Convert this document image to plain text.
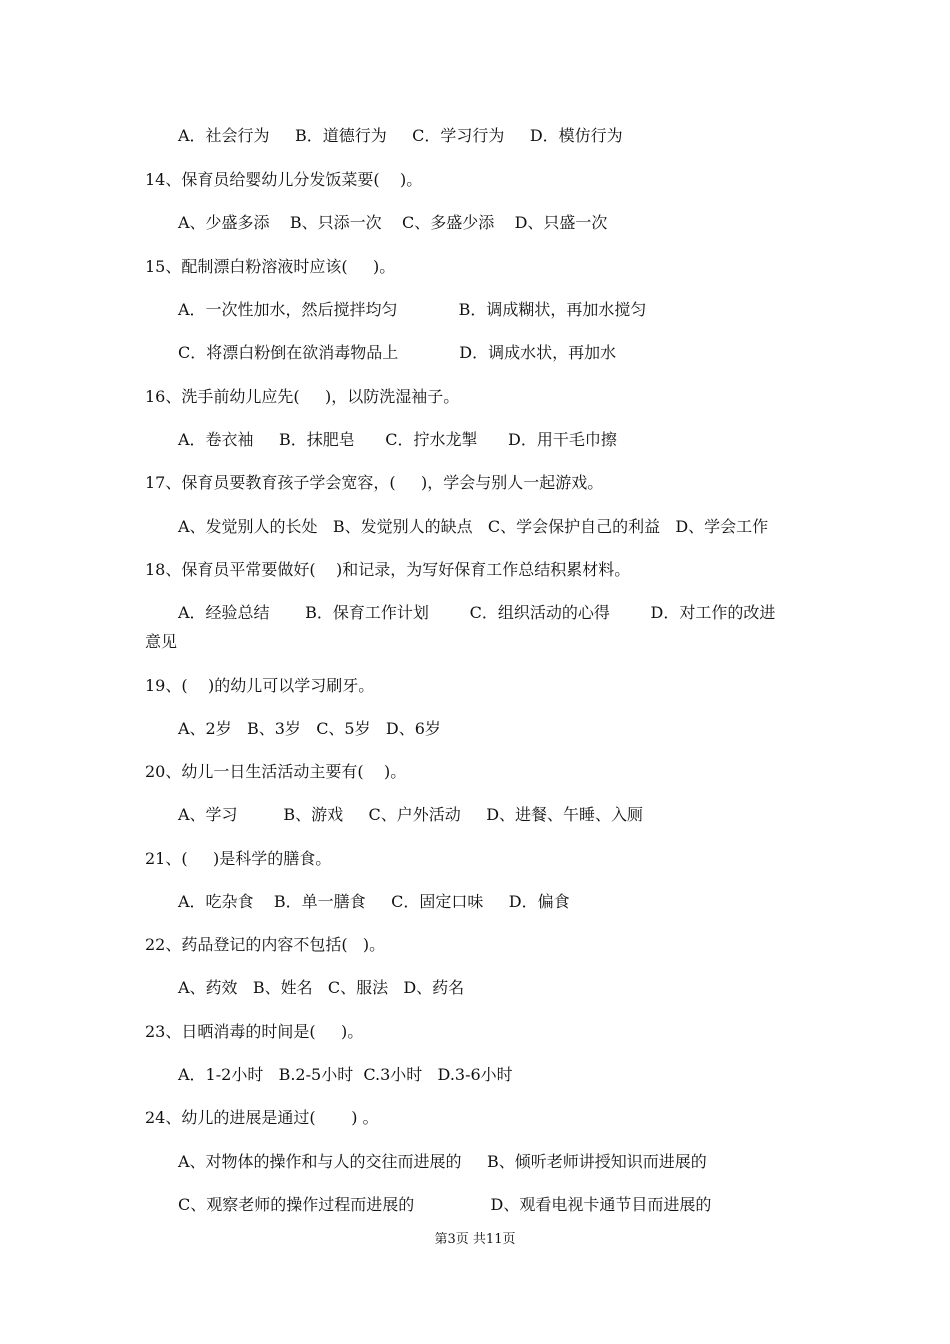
A．社会行为     B．道德行为     C．学习行为     D．模仿行为
14、保育员给婴幼儿分发饭菜要(    )。
A、少盛多添    B、只添一次    C、多盛少添    D、只盛一次
15、配制漂白粉溶液时应该(     )。
A．一次性加水，然后搅拌均匀            B．调成糊状，再加水搅匀
C．将漂白粉倒在欲消毒物品上            D．调成水状，再加水
16、洗手前幼儿应先(     )，以防洗湿袖子。
A．卷衣袖     B．抹肥皂      C．拧水龙掣      D．用干毛巾擦
17、保育员要教育孩子学会宽容，(     )，学会与别人一起游戏。
A、发觉别人的长处   B、发觉别人的缺点   C、学会保护自己的利益   D、学会工作
18、保育员平常要做好(    )和记录，为写好保育工作总结积累材料。
A．经验总结       B．保育工作计划        C．组织活动的心得        D．对工作的改进
意见
19、(    )的幼儿可以学习刷牙。
A、2岁   B、3岁   C、5岁   D、6岁
20、幼儿一日生活活动主要有(    )。
A、学习         B、游戏     C、户外活动     D、进餐、午睡、入厕
21、(     )是科学的膳食。
A．吃杂食    B．单一膳食     C．固定口味     D．偏食
22、药品登记的内容不包括(   )。
A、药效   B、姓名   C、服法   D、药名
23、日晒消毒的时间是(     )。
A．1-2小时   B.2-5小时  C.3小时   D.3-6小时
24、幼儿的进展是通过(       ) 。
A、对物体的操作和与人的交往而进展的     B、倾听老师讲授知识而进展的
C、观察老师的操作过程而进展的               D、观看电视卡通节目而进展的
第3页 共11页
